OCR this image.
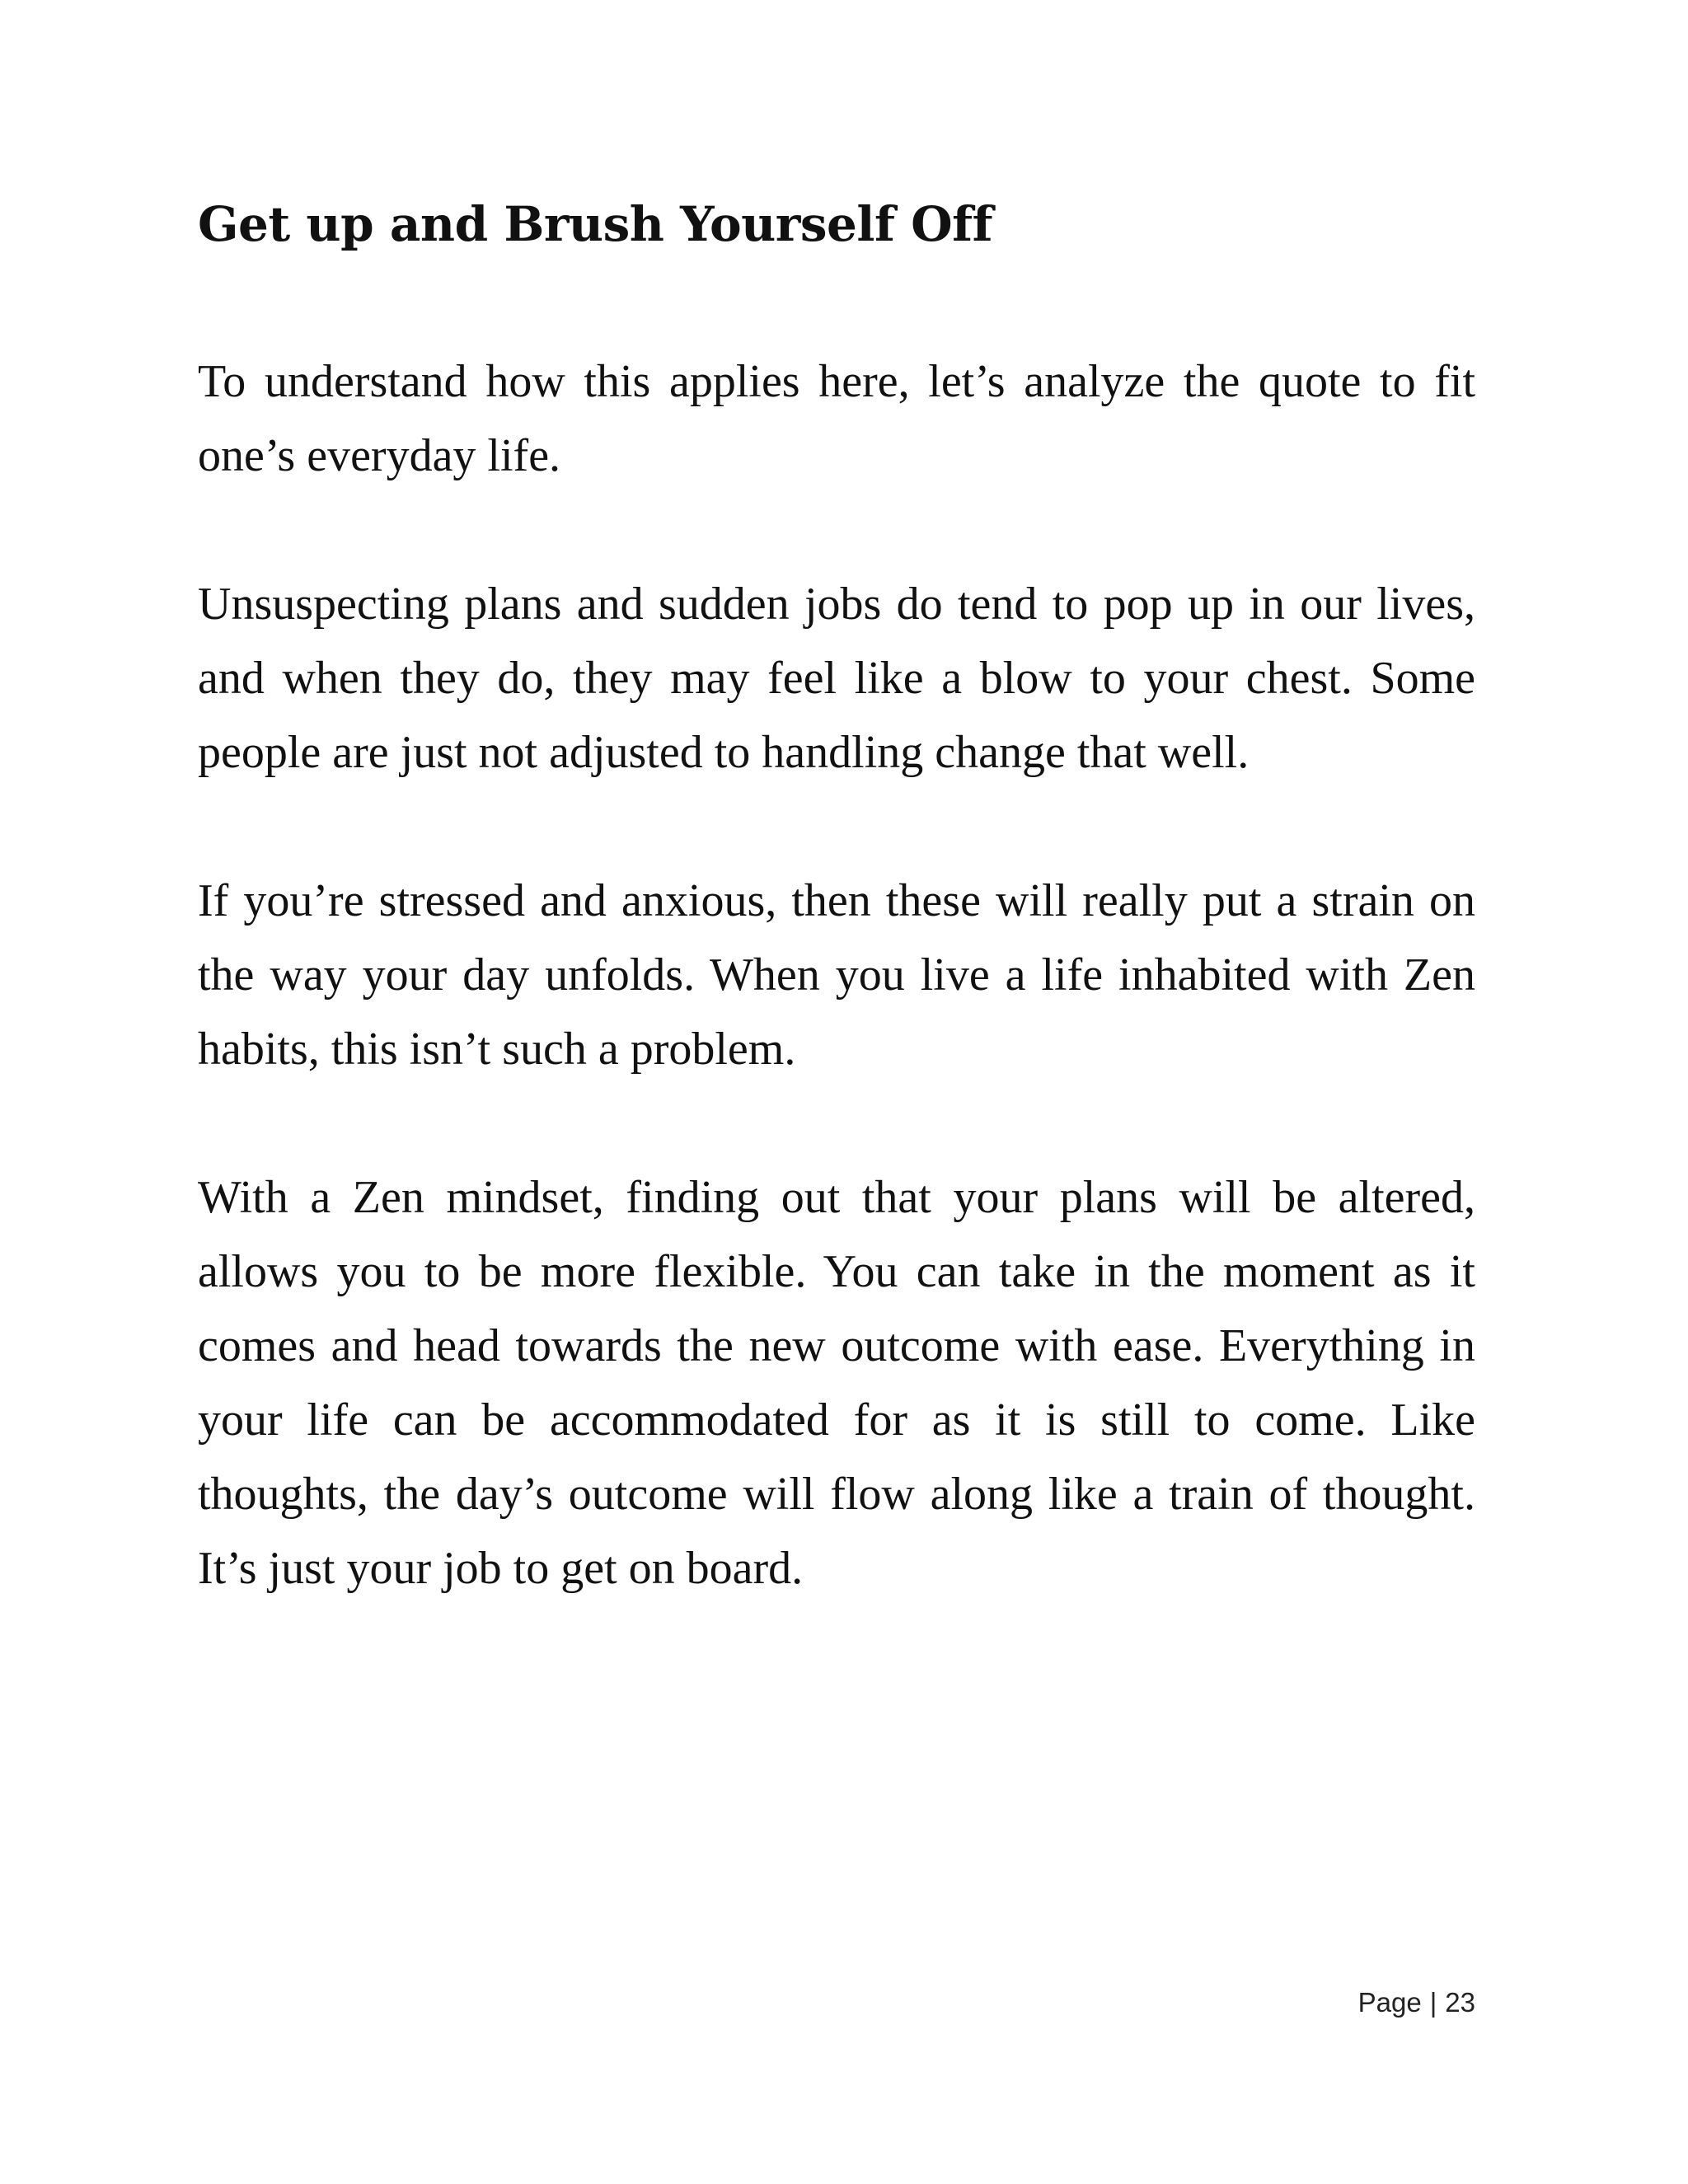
Get up and Brush Yourself Off

To understand how this applies here, let’s analyze the quote to fit one’s everyday life.

Unsuspecting plans and sudden jobs do tend to pop up in our lives, and when they do, they may feel like a blow to your chest. Some people are just not adjusted to handling change that well.

If you’re stressed and anxious, then these will really put a strain on the way your day unfolds. When you live a life inhabited with Zen habits, this isn’t such a problem.

With a Zen mindset, finding out that your plans will be altered, allows you to be more flexible. You can take in the moment as it comes and head towards the new outcome with ease. Everything in your life can be accommodated for as it is still to come. Like thoughts, the day’s outcome will flow along like a train of thought. It’s just your job to get on board.

Page | 23
